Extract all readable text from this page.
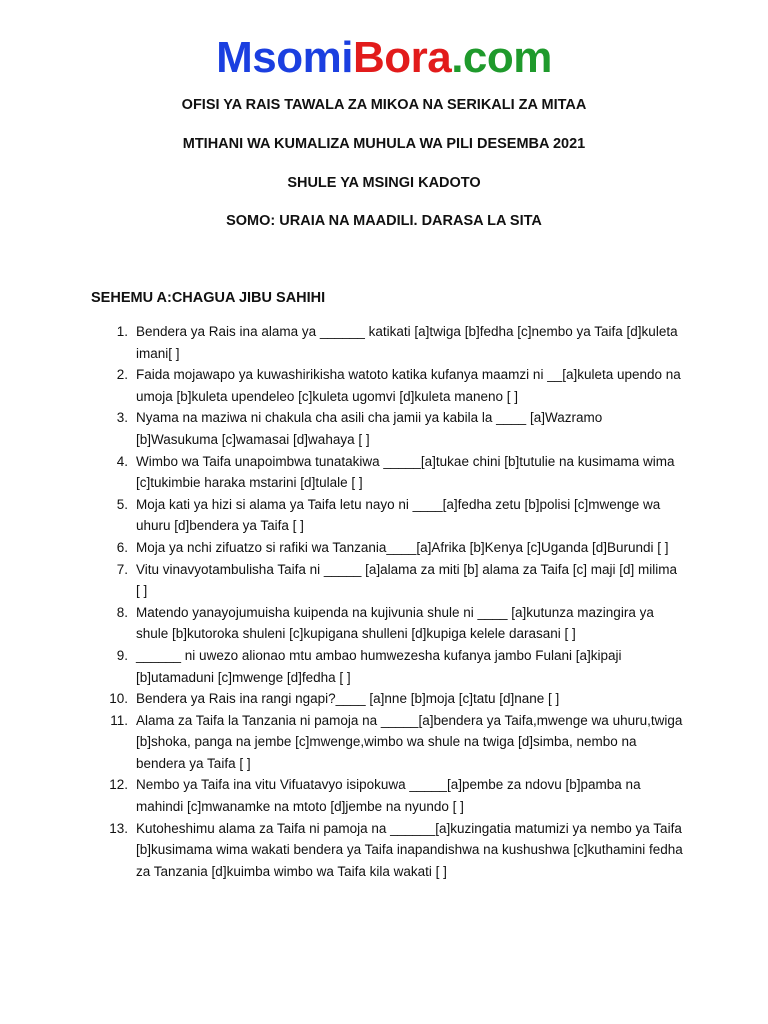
MsomiBora.com
OFISI YA RAIS TAWALA ZA MIKOA NA SERIKALI ZA MITAA
MTIHANI WA KUMALIZA MUHULA WA PILI DESEMBA 2021
SHULE YA MSINGI KADOTO
SOMO: URAIA NA MAADILI. DARASA LA SITA
SEHEMU A:CHAGUA JIBU SAHIHI
1. Bendera ya Rais ina alama ya ______ katikati [a]twiga [b]fedha [c]nembo ya Taifa [d]kuleta imani[ ]
2. Faida mojawapo ya kuwashirikisha watoto katika kufanya maamzi ni __[a]kuleta upendo na umoja [b]kuleta upendeleo [c]kuleta ugomvi [d]kuleta maneno [ ]
3. Nyama na maziwa ni chakula cha asili cha jamii ya kabila la ____ [a]Wazramo [b]Wasukuma [c]wamasai [d]wahaya [ ]
4. Wimbo wa Taifa unapoimbwa tunatakiwa _____[a]tukae chini [b]tutulie na kusimama wima [c]tukimbie haraka mstarini [d]tulale [ ]
5. Moja kati ya hizi si alama ya Taifa letu nayo ni ____[a]fedha zetu [b]polisi [c]mwenge wa uhuru [d]bendera ya Taifa [ ]
6. Moja ya nchi zifuatzo si rafiki wa Tanzania____[a]Afrika [b]Kenya [c]Uganda [d]Burundi [ ]
7. Vitu vinavyotambulisha Taifa ni _____ [a]alama za miti [b] alama za Taifa [c] maji [d] milima [ ]
8. Matendo yanayojumuisha kuipenda na kujivunia shule ni ____ [a]kutunza mazingira ya shule [b]kutoroka shuleni [c]kupigana shulleni [d]kupiga kelele darasani [ ]
9. ______ ni uwezo alionao mtu ambao humwezesha kufanya jambo Fulani [a]kipaji [b]utamaduni [c]mwenge [d]fedha [ ]
10. Bendera ya Rais ina rangi ngapi?____ [a]nne [b]moja [c]tatu [d]nane [ ]
11. Alama za Taifa la Tanzania ni pamoja na _____[a]bendera ya Taifa,mwenge wa uhuru,twiga [b]shoka, panga na jembe [c]mwenge,wimbo wa shule na twiga [d]simba, nembo na bendera ya Taifa [ ]
12. Nembo ya Taifa ina vitu Vifuatavyo isipokuwa _____[a]pembe za ndovu [b]pamba na mahindi [c]mwanamke na mtoto [d]jembe na nyundo [ ]
13. Kutoheshimu alama za Taifa ni pamoja na ______[a]kuzingatia matumizi ya nembo ya Taifa [b]kusimama wima wakati bendera ya Taifa inapandishwa na kushushwa [c]kuthamini fedha za Tanzania [d]kuimba wimbo wa Taifa kila wakati [ ]
